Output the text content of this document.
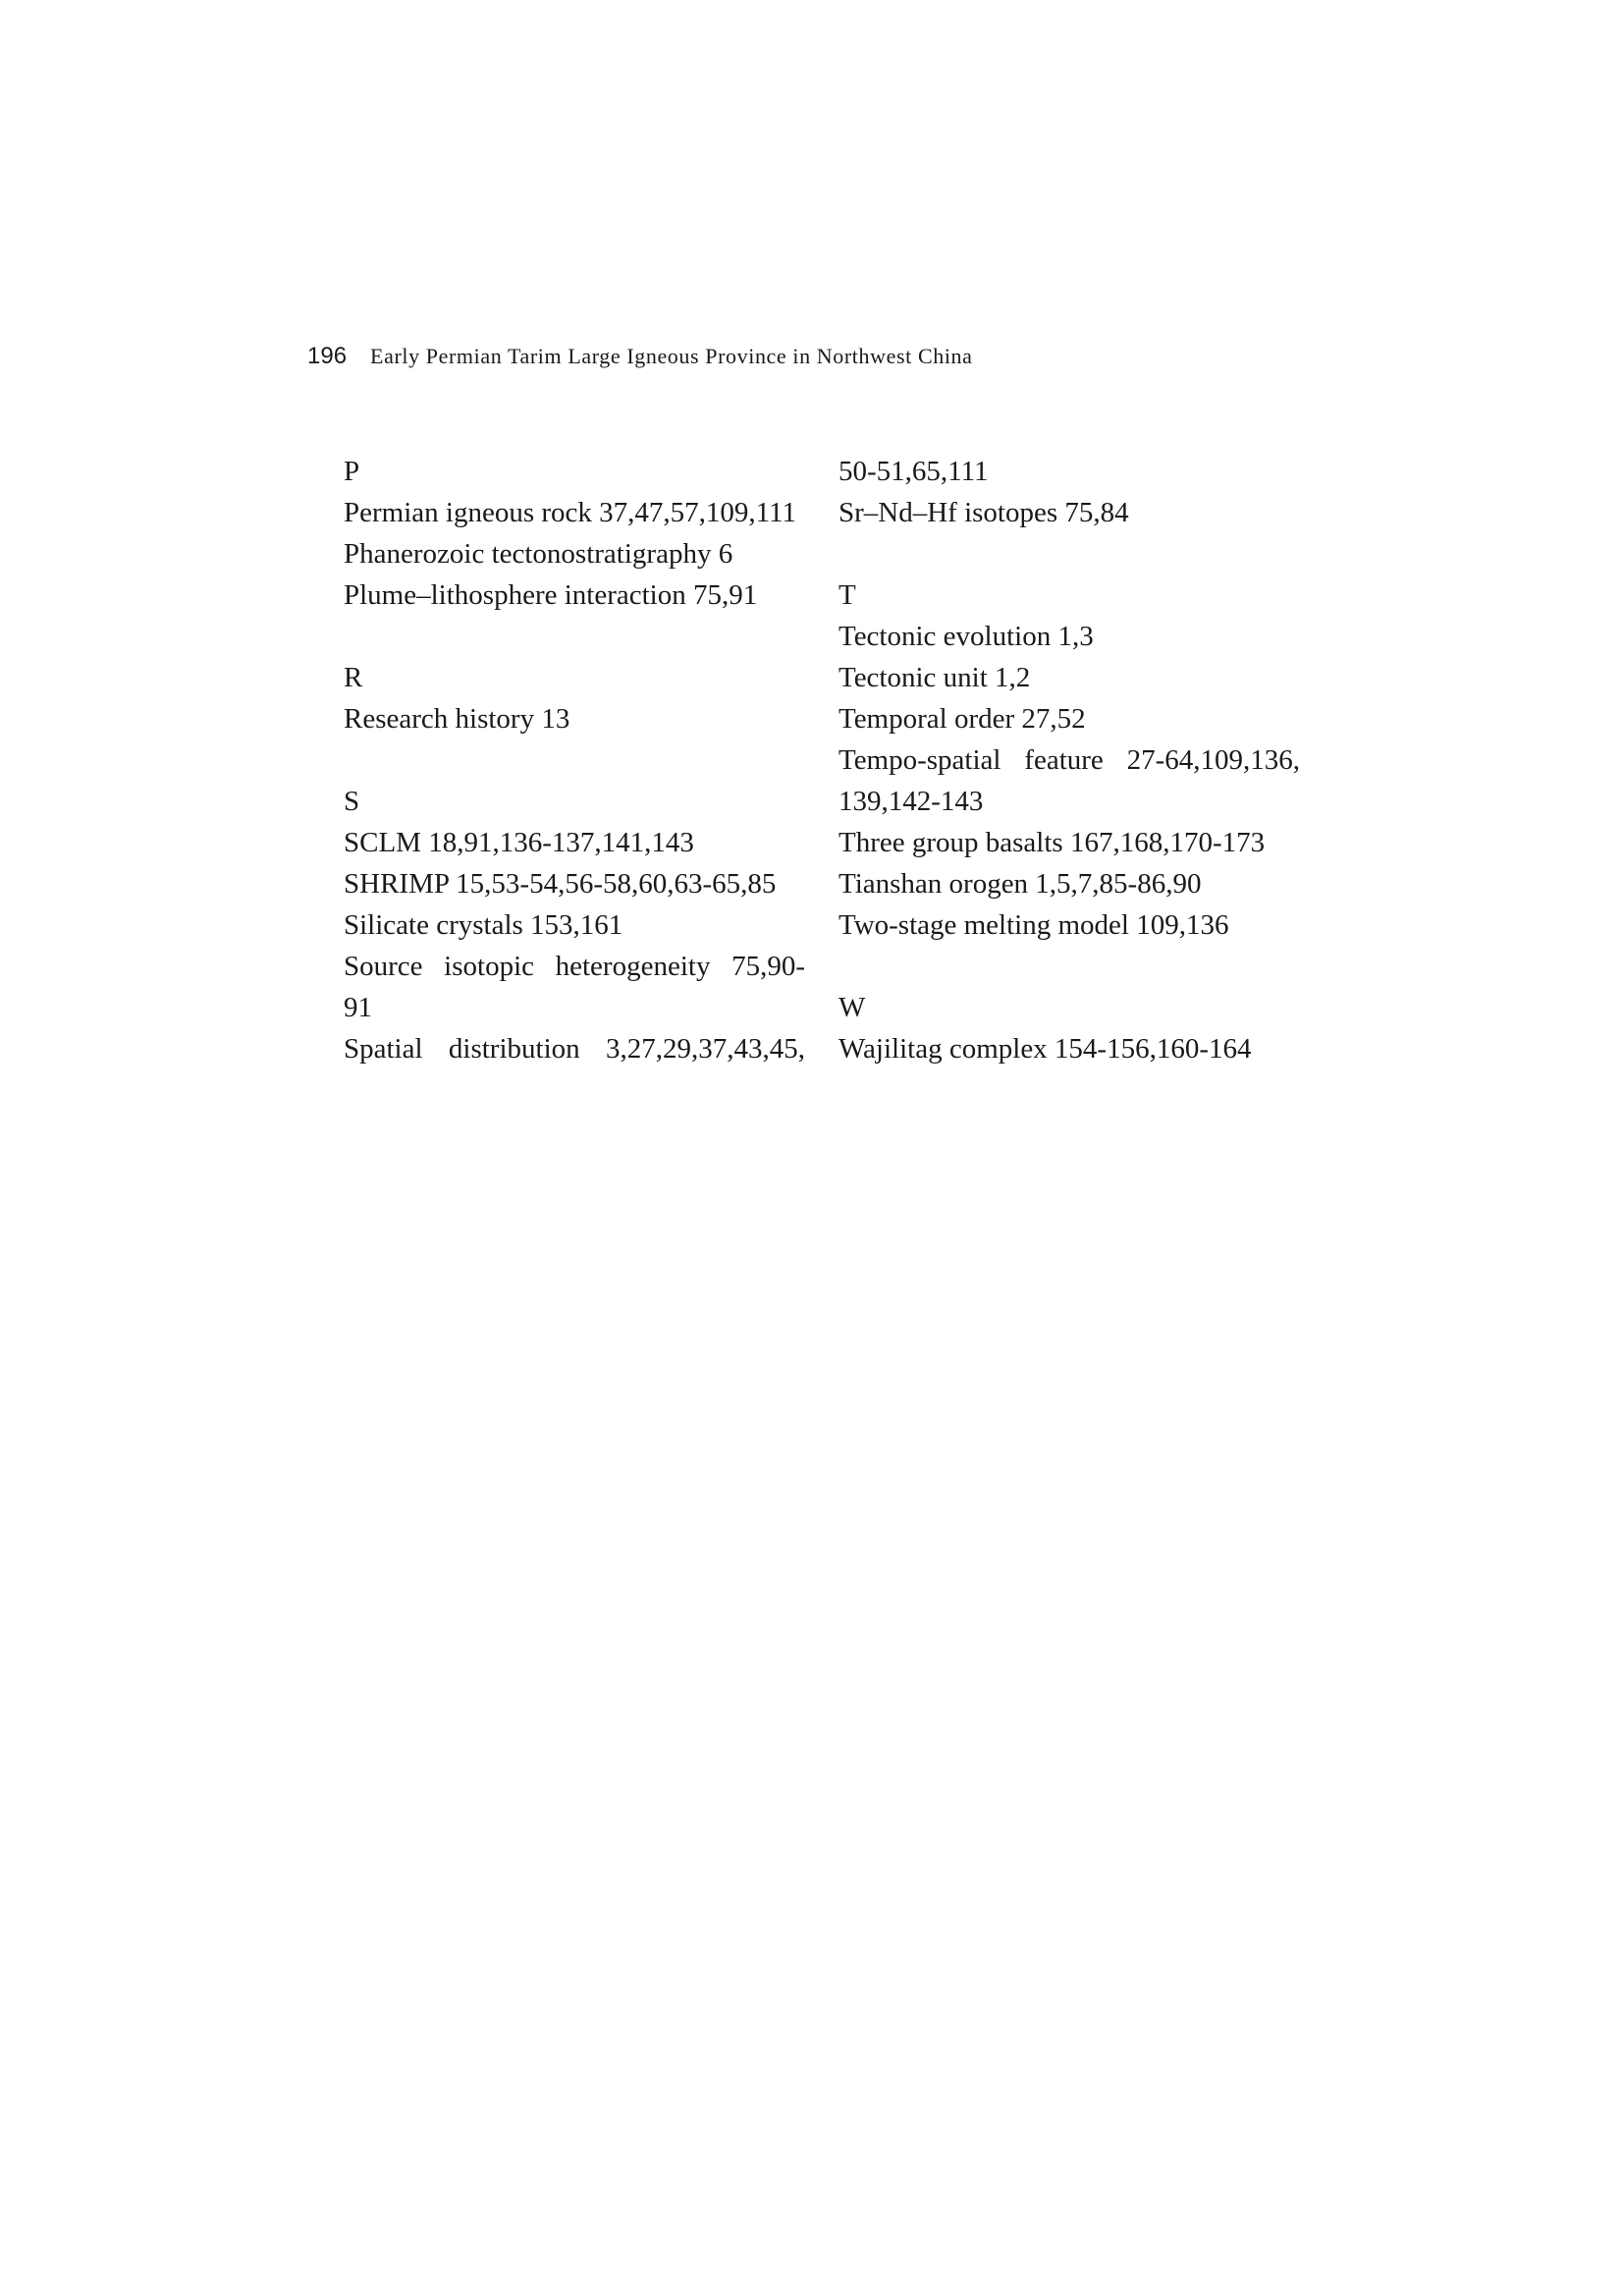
196 Early Permian Tarim Large Igneous Province in Northwest China
P
Permian igneous rock 37,47,57,109,111
Phanerozoic tectonostratigraphy 6
Plume–lithosphere interaction 75,91
R
Research history 13
S
SCLM 18,91,136-137,141,143
SHRIMP 15,53-54,56-58,60,63-65,85
Silicate crystals 153,161
Source isotopic heterogeneity 75,90-
91
Spatial distribution 3,27,29,37,43,45,
50-51,65,111
Sr–Nd–Hf isotopes 75,84
T
Tectonic evolution 1,3
Tectonic unit 1,2
Temporal order 27,52
Tempo-spatial feature 27-64,109,136,
139,142-143
Three group basalts 167,168,170-173
Tianshan orogen 1,5,7,85-86,90
Two-stage melting model 109,136
W
Wajilitag complex 154-156,160-164
